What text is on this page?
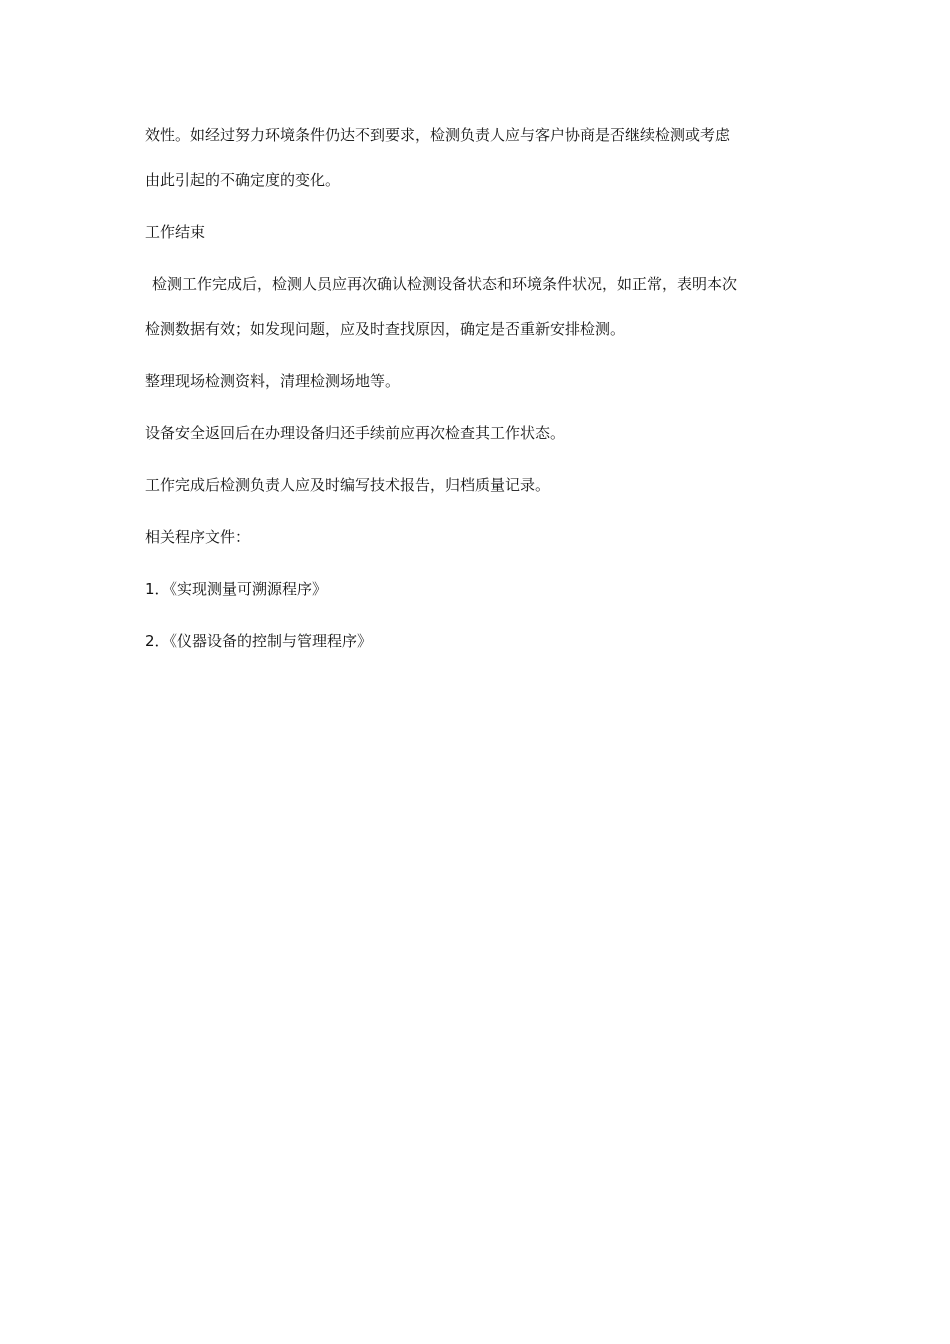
效性。如经过努力环境条件仍达不到要求，检测负责人应与客户协商是否继续检测或考虑

由此引起的不确定度的变化。

工作结束

检测工作完成后，检测人员应再次确认检测设备状态和环境条件状况，如正常，表明本次

检测数据有效；如发现问题，应及时查找原因，确定是否重新安排检测。

整理现场检测资料，清理检测场地等。

设备安全返回后在办理设备归还手续前应再次检查其工作状态。

工作完成后检测负责人应及时编写技术报告，归档质量记录。

相关程序文件：

1．《实现测量可溯源程序》

2．《仪器设备的控制与管理程序》
